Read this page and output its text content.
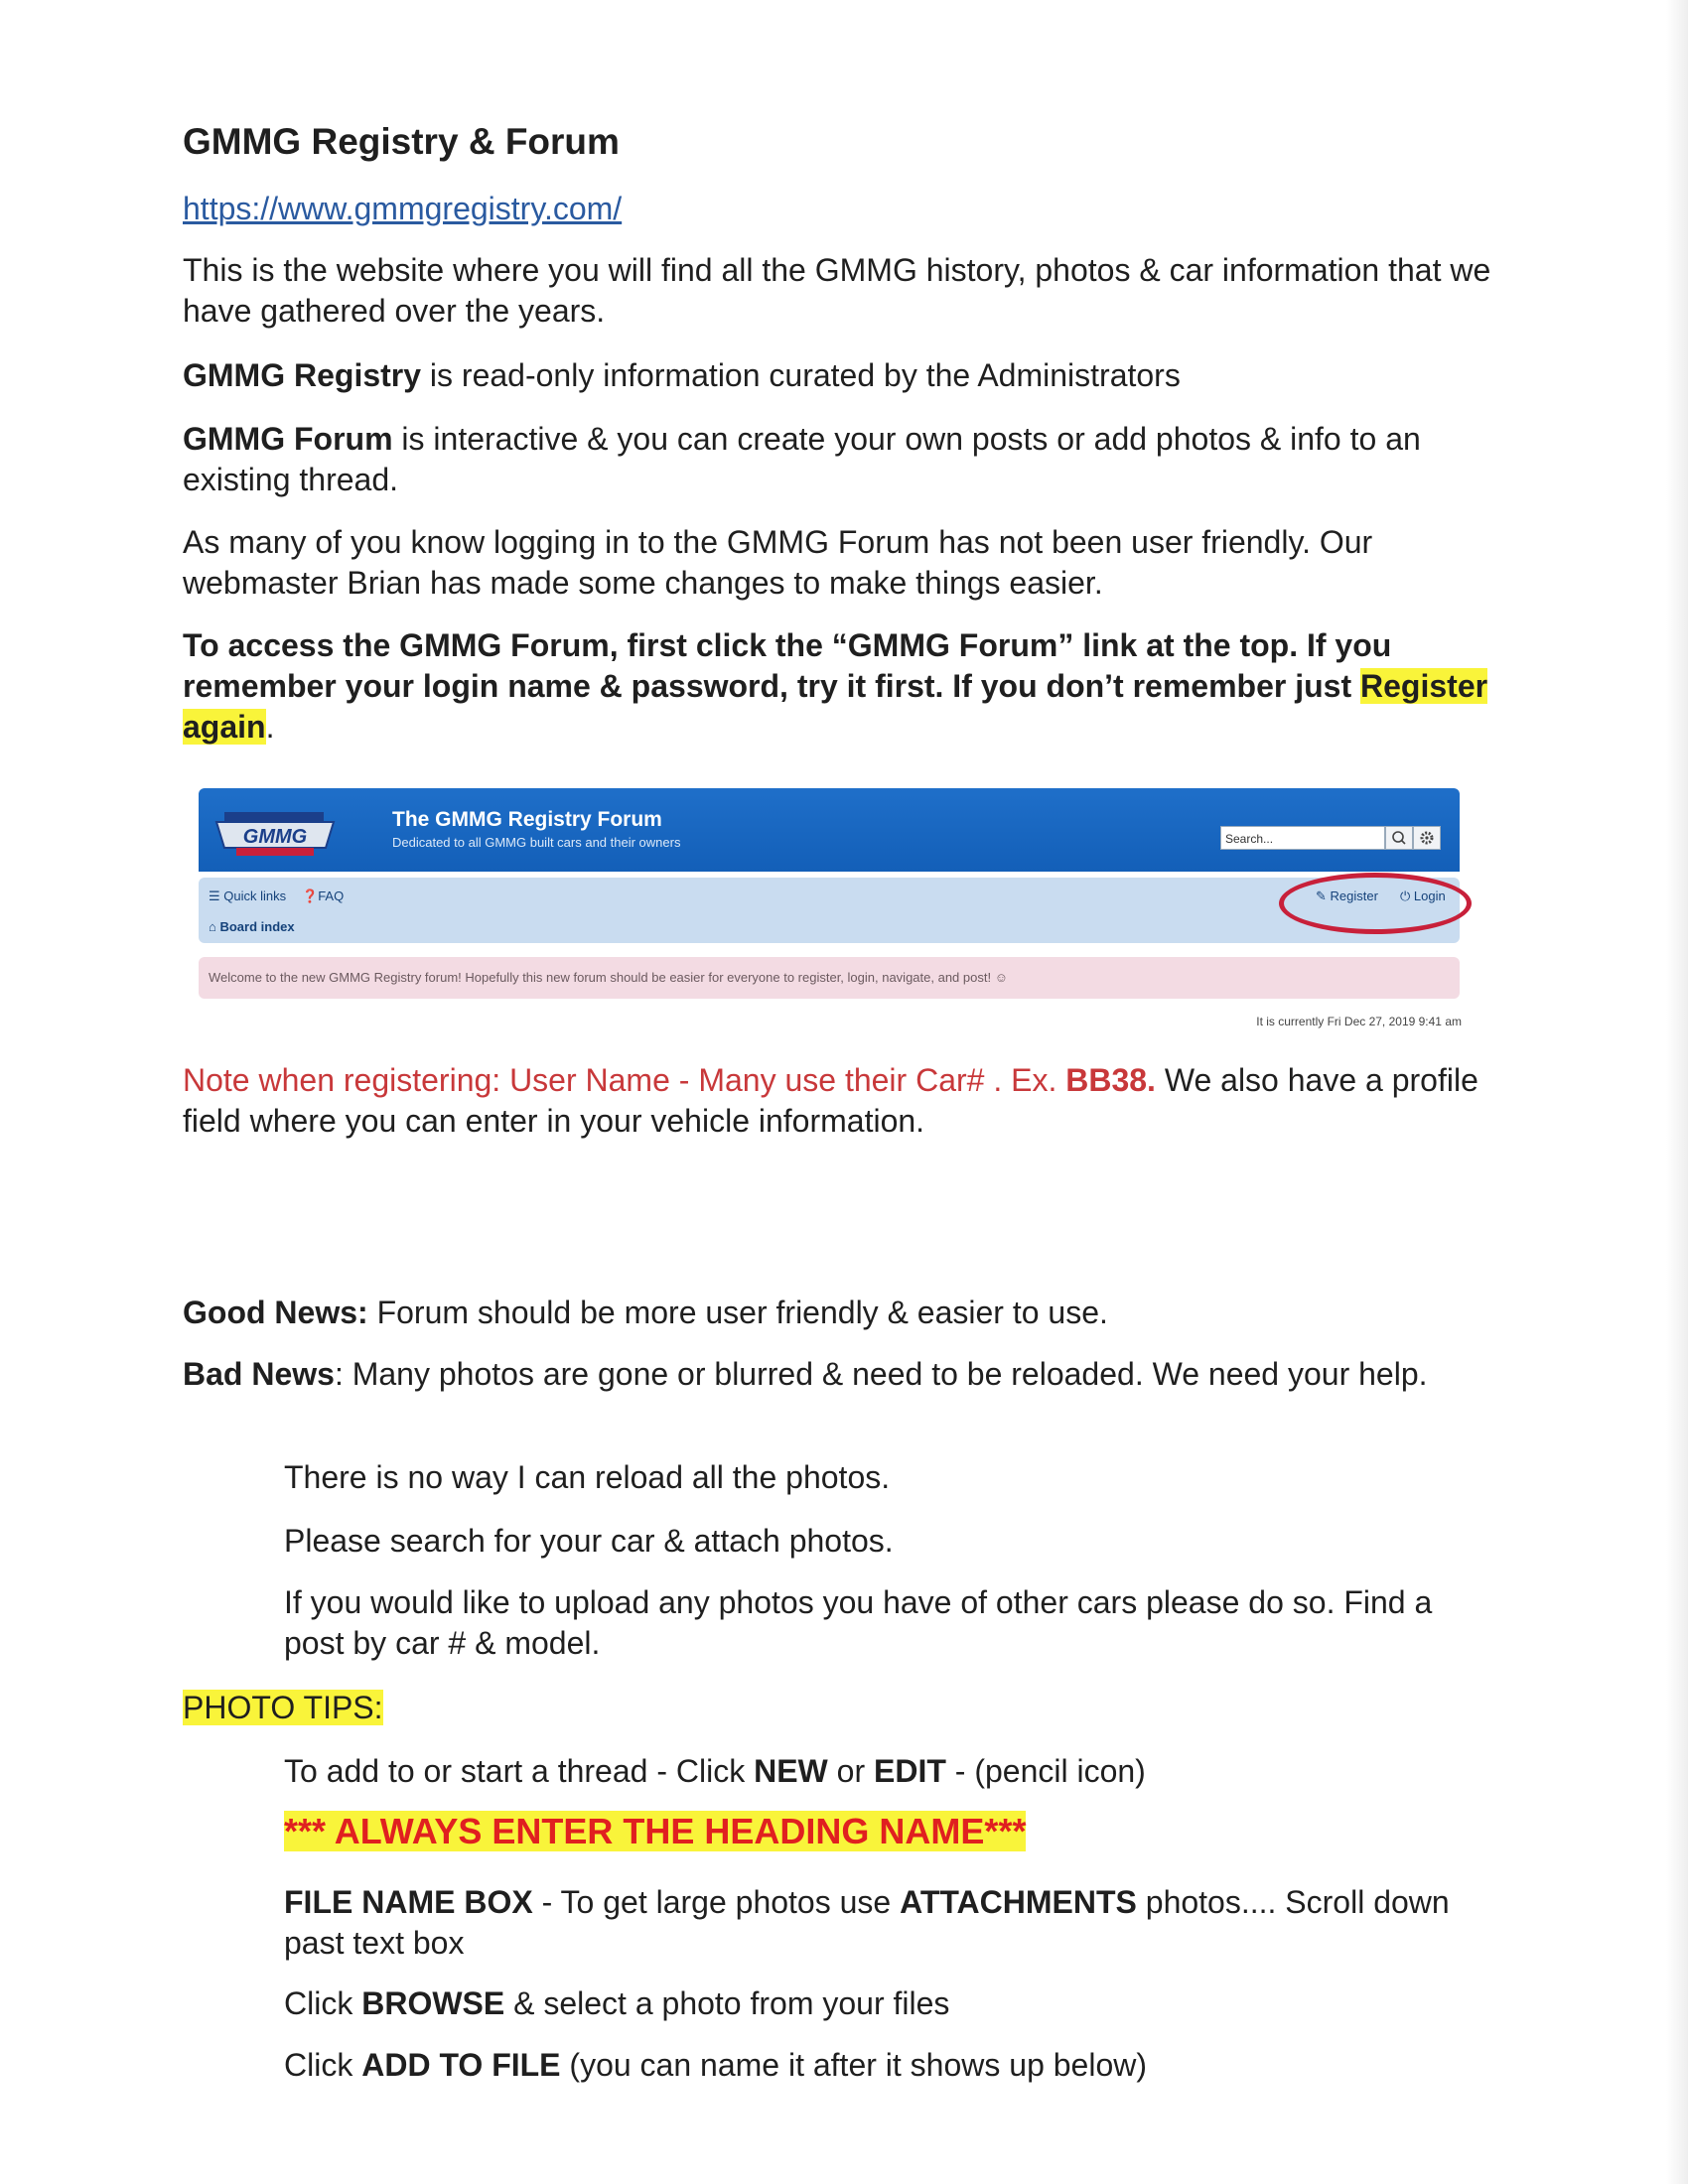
GMMG Registry & Forum

https://www.gmmgregistry.com/

This is the website where you will find all the GMMG history, photos & car information that we have gathered over the years.

GMMG Registry is read-only information curated by the Administrators

GMMG Forum is interactive & you can create your own posts or add photos & info to an existing thread.

As many of you know logging in to the GMMG Forum has not been user friendly. Our webmaster Brian has made some changes to make things easier.

To access the GMMG Forum, first click the “GMMG Forum” link at the top. If you remember your login name & password, try it first. If you don’t remember just Register again.

GMMG
The GMMG Registry Forum
Dedicated to all GMMG built cars and their owners	Search...
☰ Quick links ❓FAQ	✎ Register ⏻ Login
⌂ Board index
Welcome to the new GMMG Registry forum! Hopefully this new forum should be easier for everyone to register, login, navigate, and post! ☺
It is currently Fri Dec 27, 2019 9:41 am

Note when registering: User Name - Many use their Car# . Ex. BB38. We also have a profile field where you can enter in your vehicle information.

Good News: Forum should be more user friendly & easier to use.

Bad News: Many photos are gone or blurred & need to be reloaded. We need your help.

There is no way I can reload all the photos.

Please search for your car & attach photos.

If you would like to upload any photos you have of other cars please do so. Find a post by car # & model.

PHOTO TIPS:

To add to or start a thread - Click NEW or EDIT - (pencil icon)

*** ALWAYS ENTER THE HEADING NAME***

FILE NAME BOX - To get large photos use ATTACHMENTS photos.... Scroll down past text box

Click BROWSE & select a photo from your files

Click ADD TO FILE (you can name it after it shows up below)
